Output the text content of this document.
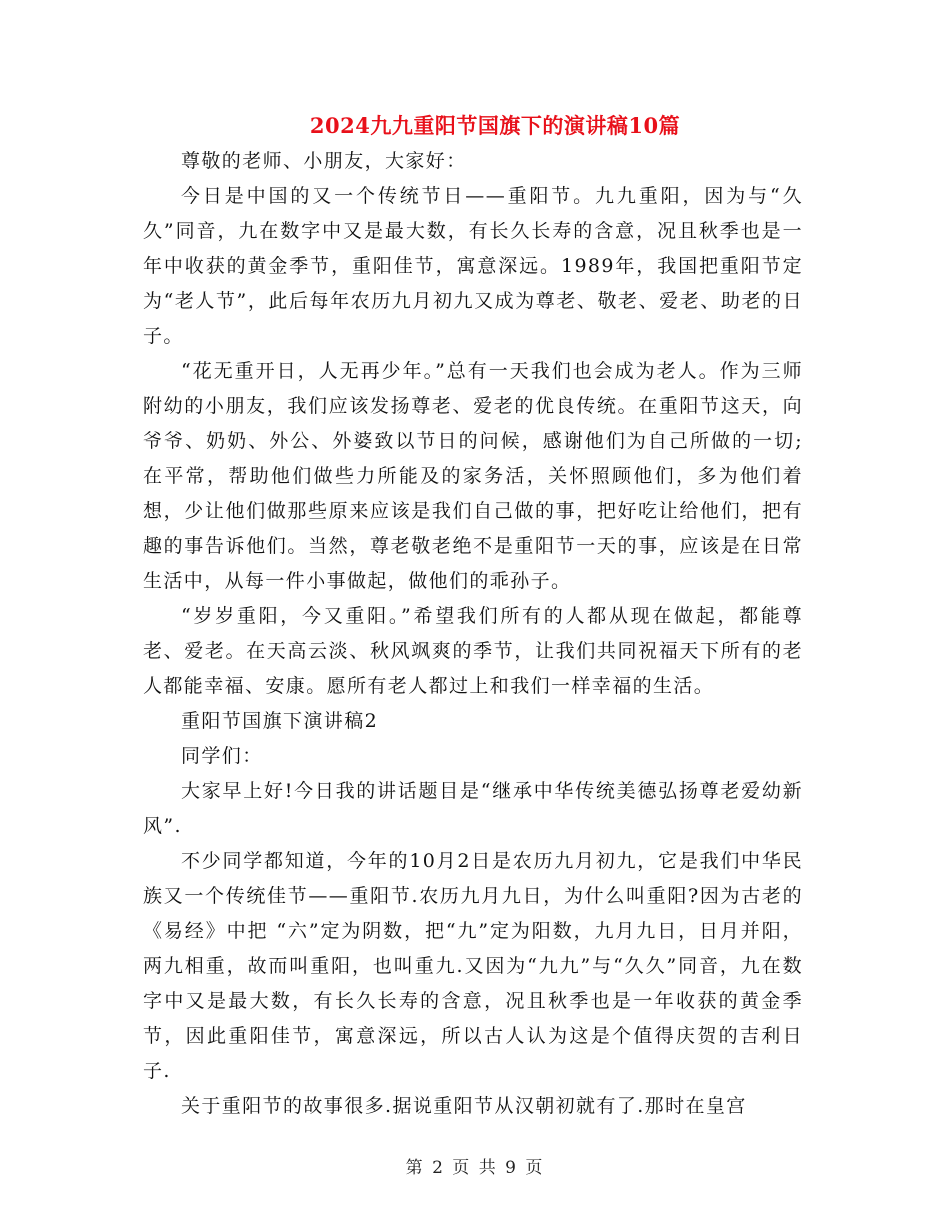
2024九九重阳节国旗下的演讲稿10篇

尊敬的老师、小朋友，大家好：

今日是中国的又一个传统节日——重阳节。九九重阳，因为与“久久”同音，九在数字中又是最大数，有长久长寿的含意，况且秋季也是一年中收获的黄金季节，重阳佳节，寓意深远。1989年，我国把重阳节定为“老人节”，此后每年农历九月初九又成为尊老、敬老、爱老、助老的日子。

“花无重开日，人无再少年。”总有一天我们也会成为老人。作为三师附幼的小朋友，我们应该发扬尊老、爱老的优良传统。在重阳节这天，向爷爷、奶奶、外公、外婆致以节日的问候，感谢他们为自己所做的一切;在平常，帮助他们做些力所能及的家务活，关怀照顾他们，多为他们着想，少让他们做那些原来应该是我们自己做的事，把好吃让给他们，把有趣的事告诉他们。当然，尊老敬老绝不是重阳节一天的事，应该是在日常生活中，从每一件小事做起，做他们的乖孙子。

“岁岁重阳，今又重阳。”希望我们所有的人都从现在做起，都能尊老、爱老。在天高云淡、秋风飒爽的季节，让我们共同祝福天下所有的老人都能幸福、安康。愿所有老人都过上和我们一样幸福的生活。

重阳节国旗下演讲稿2

同学们：

大家早上好!今日我的讲话题目是“继承中华传统美德弘扬尊老爱幼新风”.

不少同学都知道，今年的10月2日是农历九月初九，它是我们中华民族又一个传统佳节——重阳节.农历九月九日，为什么叫重阳?因为古老的《易经》中把 “六”定为阴数，把“九”定为阳数，九月九日，日月并阳，两九相重，故而叫重阳，也叫重九.又因为“九九”与“久久”同音，九在数字中又是最大数，有长久长寿的含意，况且秋季也是一年收获的黄金季节，因此重阳佳节，寓意深远，所以古人认为这是个值得庆贺的吉利日子.

关于重阳节的故事很多.据说重阳节从汉朝初就有了.那时在皇宫

第 2 页 共 9 页
